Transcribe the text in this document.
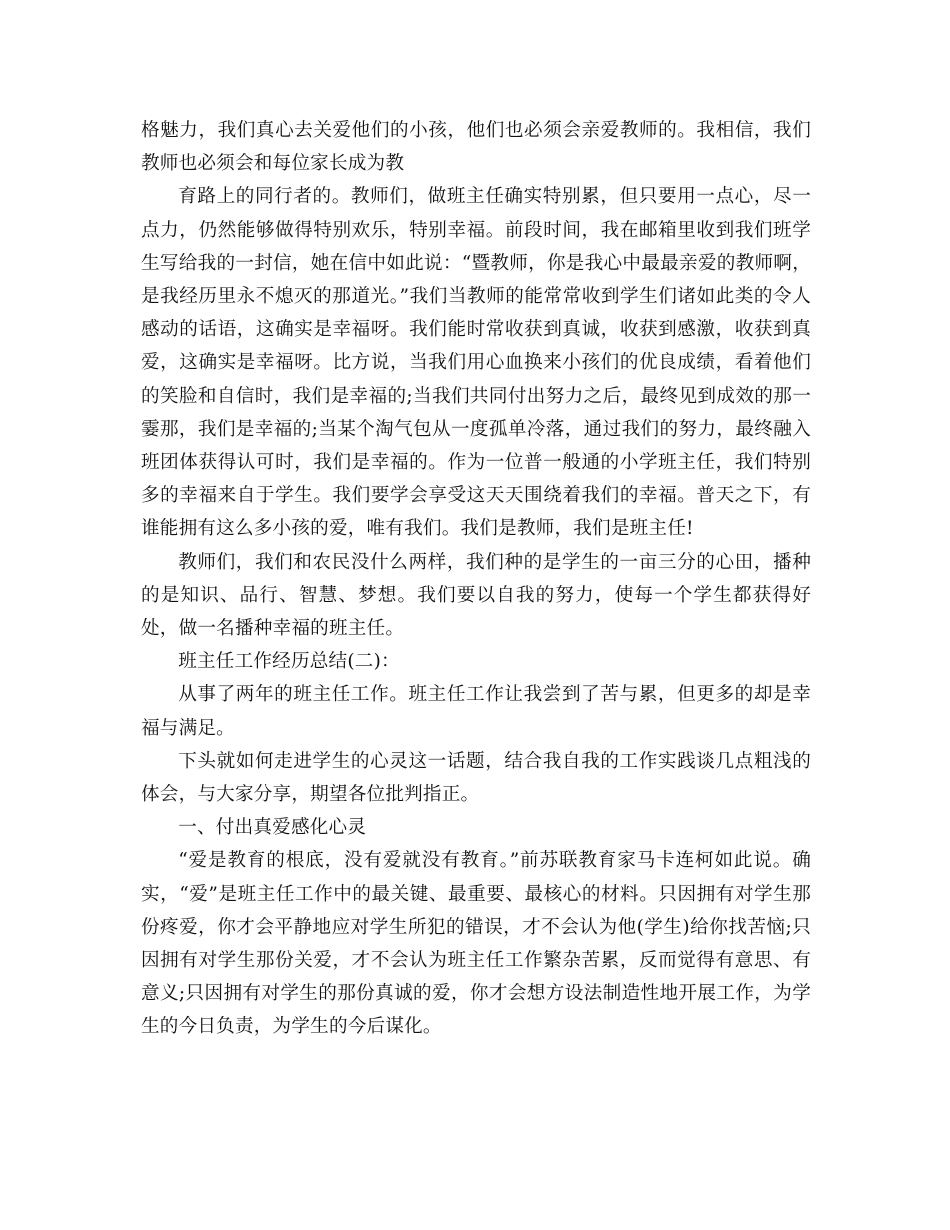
格魅力，我们真心去关爱他们的小孩，他们也必须会亲爱教师的。我相信，我们教师也必须会和每位家长成为教

育路上的同行者的。教师们，做班主任确实特别累，但只要用一点心，尽一点力，仍然能够做得特别欢乐，特别幸福。前段时间，我在邮箱里收到我们班学生写给我的一封信，她在信中如此说：“暨教师，你是我心中最最亲爱的教师啊，是我经历里永不熄灭的那道光。”我们当教师的能常常收到学生们诸如此类的令人感动的话语，这确实是幸福呀。我们能时常收获到真诚，收获到感激，收获到真爱，这确实是幸福呀。比方说，当我们用心血换来小孩们的优良成绩，看着他们的笑脸和自信时，我们是幸福的;当我们共同付出努力之后，最终见到成效的那一霎那，我们是幸福的;当某个淘气包从一度孤单冷落，通过我们的努力，最终融入班团体获得认可时，我们是幸福的。作为一位普一般通的小学班主任，我们特别多的幸福来自于学生。我们要学会享受这天天围绕着我们的幸福。普天之下，有谁能拥有这么多小孩的爱，唯有我们。我们是教师，我们是班主任!

教师们，我们和农民没什么两样，我们种的是学生的一亩三分的心田，播种的是知识、品行、智慧、梦想。我们要以自我的努力，使每一个学生都获得好处，做一名播种幸福的班主任。

班主任工作经历总结(二)：

从事了两年的班主任工作。班主任工作让我尝到了苦与累，但更多的却是幸福与满足。

下头就如何走进学生的心灵这一话题，结合我自我的工作实践谈几点粗浅的体会，与大家分享，期望各位批判指正。

一、付出真爱感化心灵

“爱是教育的根底，没有爱就没有教育。”前苏联教育家马卡连柯如此说。确实，“爱”是班主任工作中的最关键、最重要、最核心的材料。只因拥有对学生那份疼爱，你才会平静地应对学生所犯的错误，才不会认为他(学生)给你找苦恼;只因拥有对学生那份关爱，才不会认为班主任工作繁杂苦累，反而觉得有意思、有意义;只因拥有对学生的那份真诚的爱，你才会想方设法制造性地开展工作，为学生的今日负责，为学生的今后谋化。
